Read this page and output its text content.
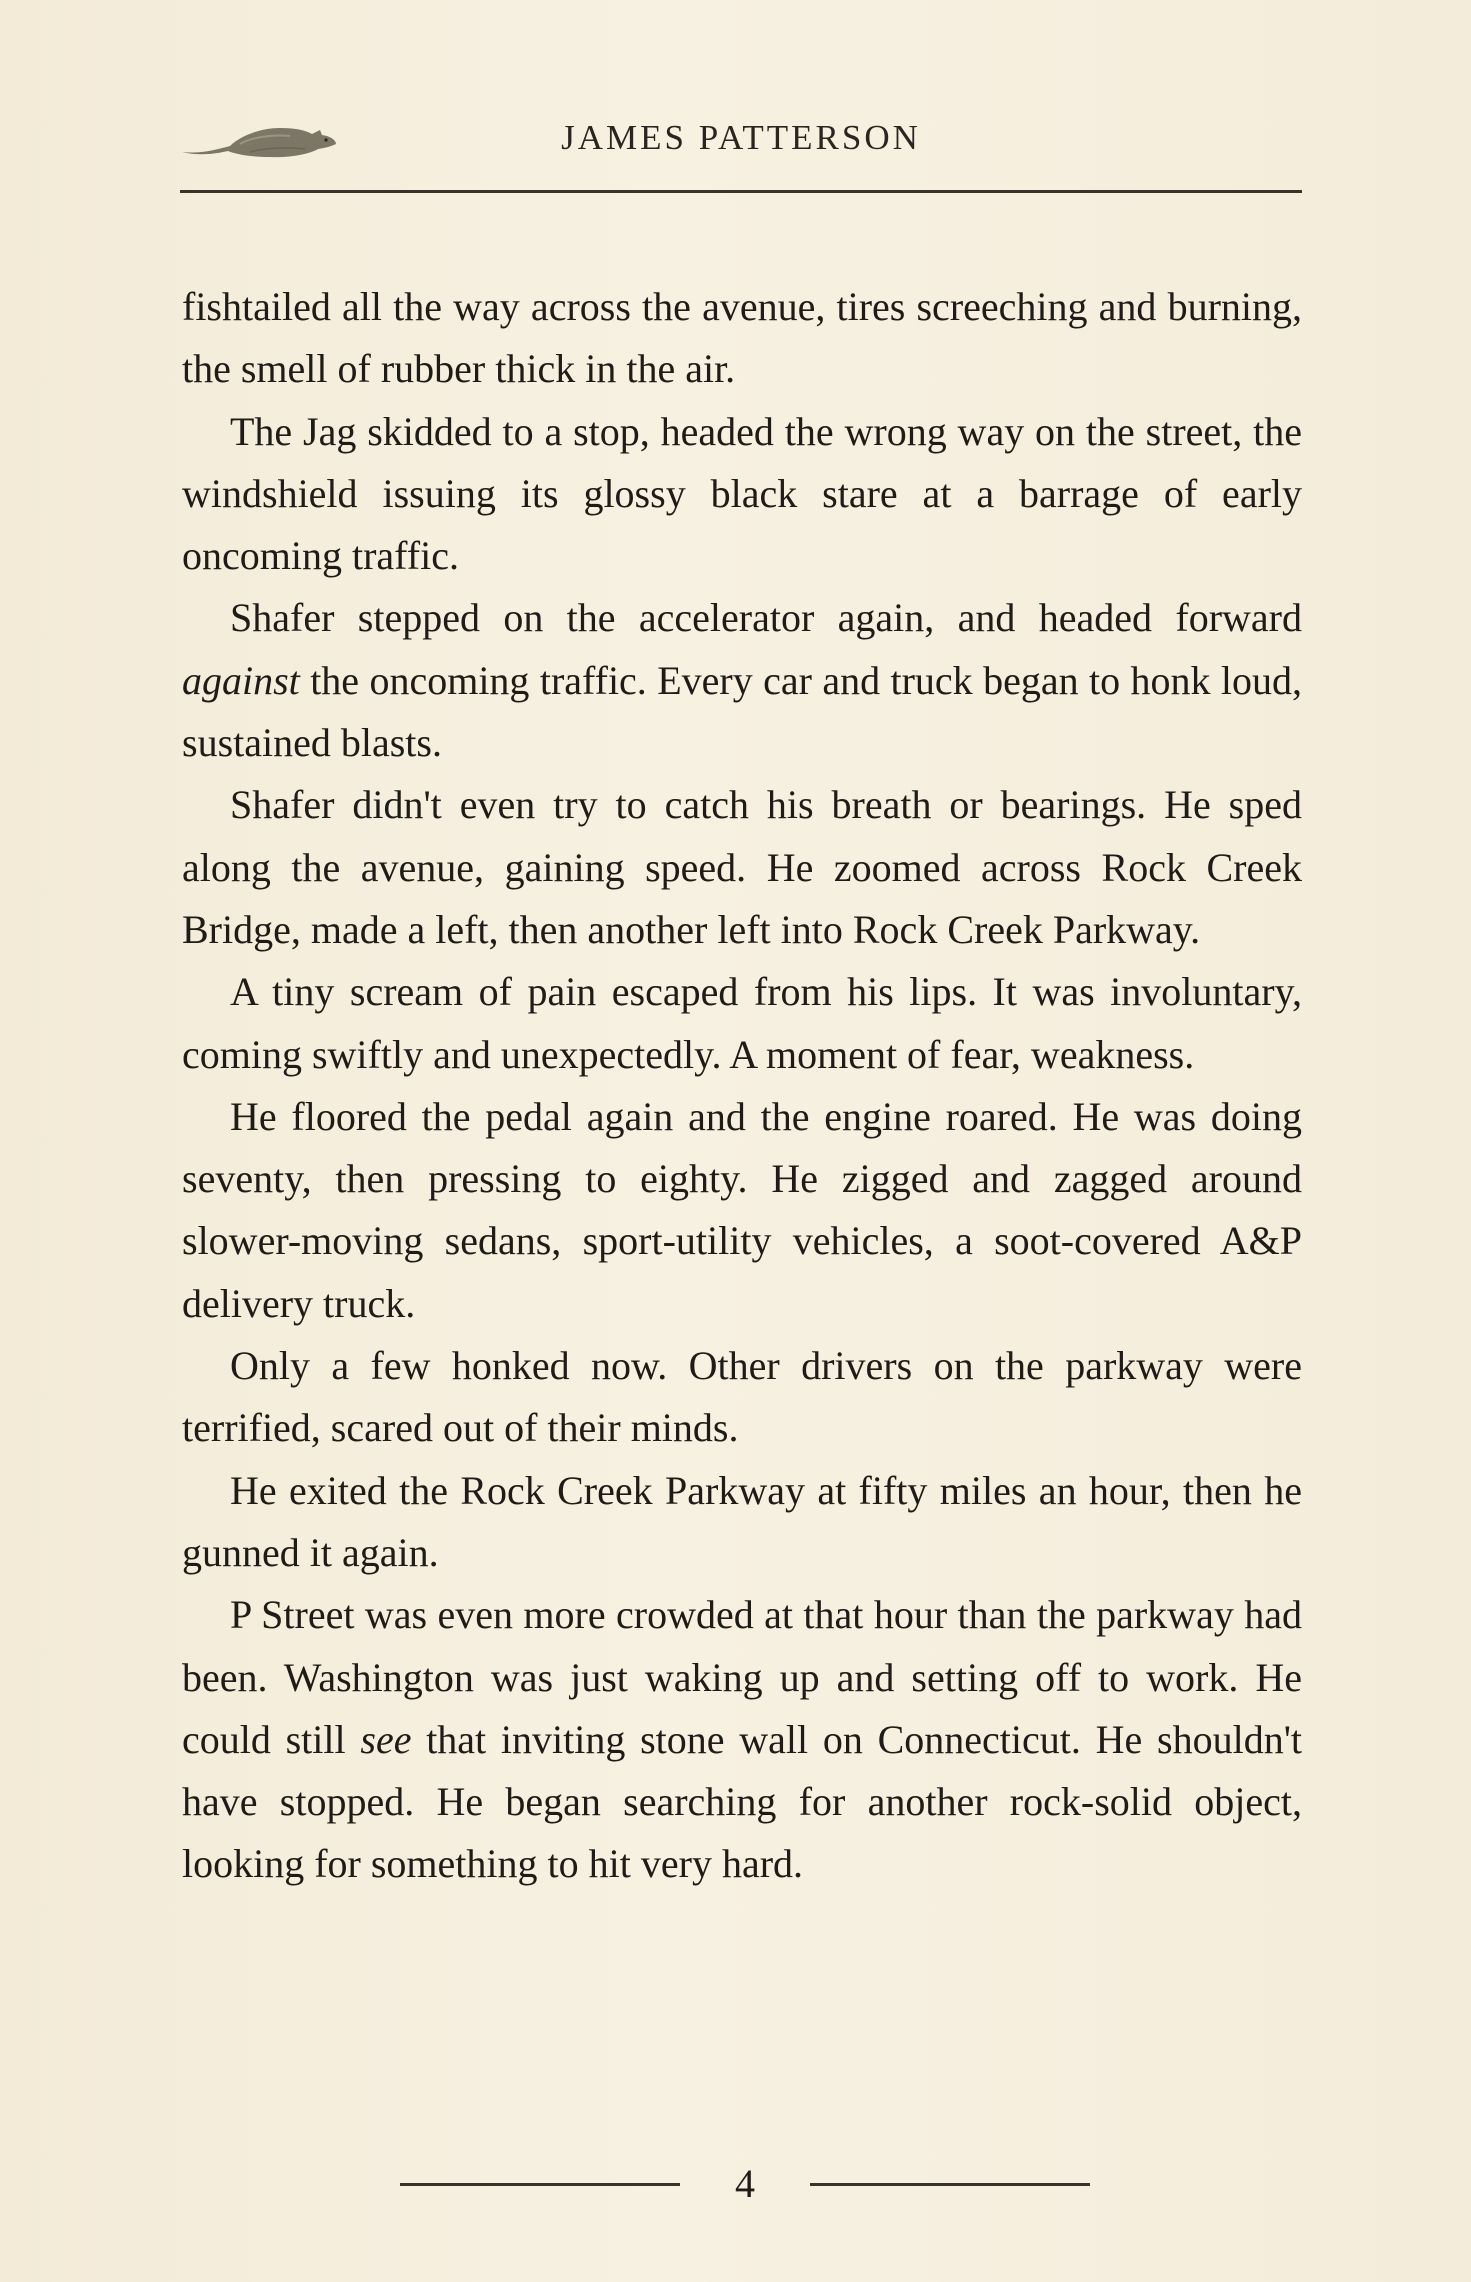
JAMES PATTERSON

fishtailed all the way across the avenue, tires screeching and burning, the smell of rubber thick in the air.

The Jag skidded to a stop, headed the wrong way on the street, the windshield issuing its glossy black stare at a barrage of early oncoming traffic.

Shafer stepped on the accelerator again, and headed forward against the oncoming traffic. Every car and truck began to honk loud, sustained blasts.

Shafer didn't even try to catch his breath or bearings. He sped along the avenue, gaining speed. He zoomed across Rock Creek Bridge, made a left, then another left into Rock Creek Parkway.

A tiny scream of pain escaped from his lips. It was involuntary, coming swiftly and unexpectedly. A moment of fear, weakness.

He floored the pedal again and the engine roared. He was doing seventy, then pressing to eighty. He zigged and zagged around slower-moving sedans, sport-utility vehicles, a soot-covered A&P delivery truck.

Only a few honked now. Other drivers on the parkway were terrified, scared out of their minds.

He exited the Rock Creek Parkway at fifty miles an hour, then he gunned it again.

P Street was even more crowded at that hour than the parkway had been. Washington was just waking up and setting off to work. He could still see that inviting stone wall on Connecticut. He shouldn't have stopped. He began searching for another rock-solid object, looking for something to hit very hard.

4
